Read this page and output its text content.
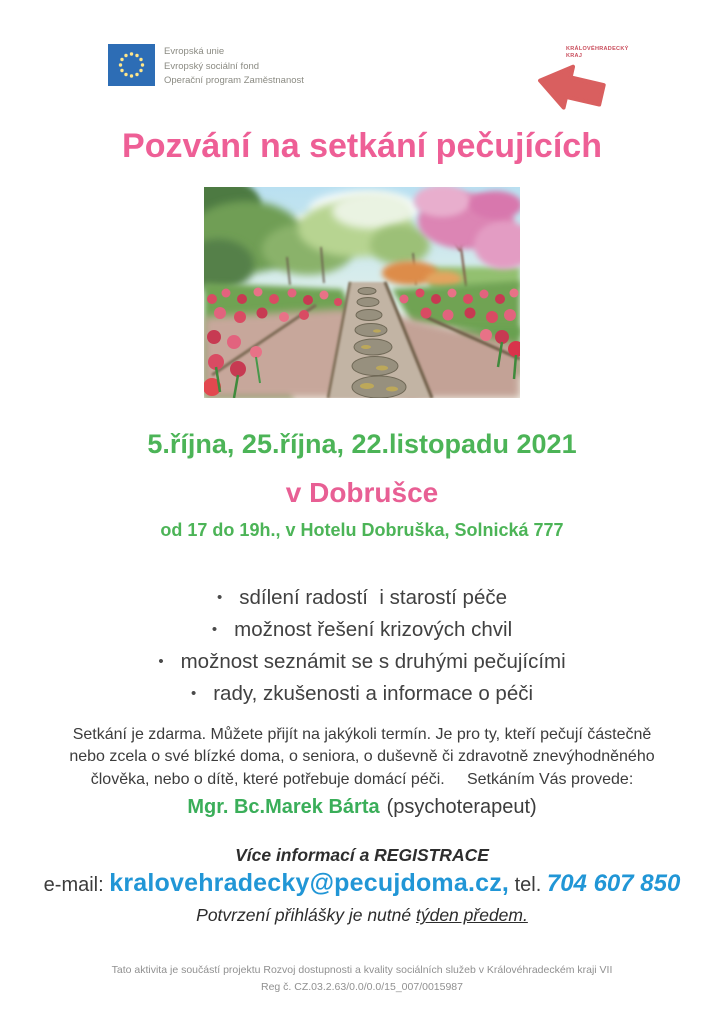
Evropská unie
Evropský sociální fond
Operační program Zaměstnanost
KRÁLOVÉHRADECKÝ
KRAJ
Pozvání na setkání pečujících
5.října, 25.října, 22.listopadu 2021
v Dobrušce
od 17 do 19h., v Hotelu Dobruška, Solnická 777
• sdílení radostí  i starostí péče
• možnost řešení krizových chvil
• možnost seznámit se s druhými pečujícími
• rady, zkušenosti a informace o péči
Setkání je zdarma. Můžete přijít na jakýkoli termín. Je pro ty, kteří pečují částečně
nebo zcela o své blízké doma, o seniora, o duševně či zdravotně znevýhodněného
člověka, nebo o dítě, které potřebuje domácí péči.     Setkáním Vás provede:
Mgr. Bc.Marek Bárta (psychoterapeut)
Více informací a REGISTRACE
e-mail: kralovehradecky@pecujdoma.cz, tel. 704 607 850
Potvrzení přihlášky je nutné týden předem.
Tato aktivita je součástí projektu Rozvoj dostupnosti a kvality sociálních služeb v Královéhradeckém kraji VII
Reg č. CZ.03.2.63/0.0/0.0/15_007/0015987
